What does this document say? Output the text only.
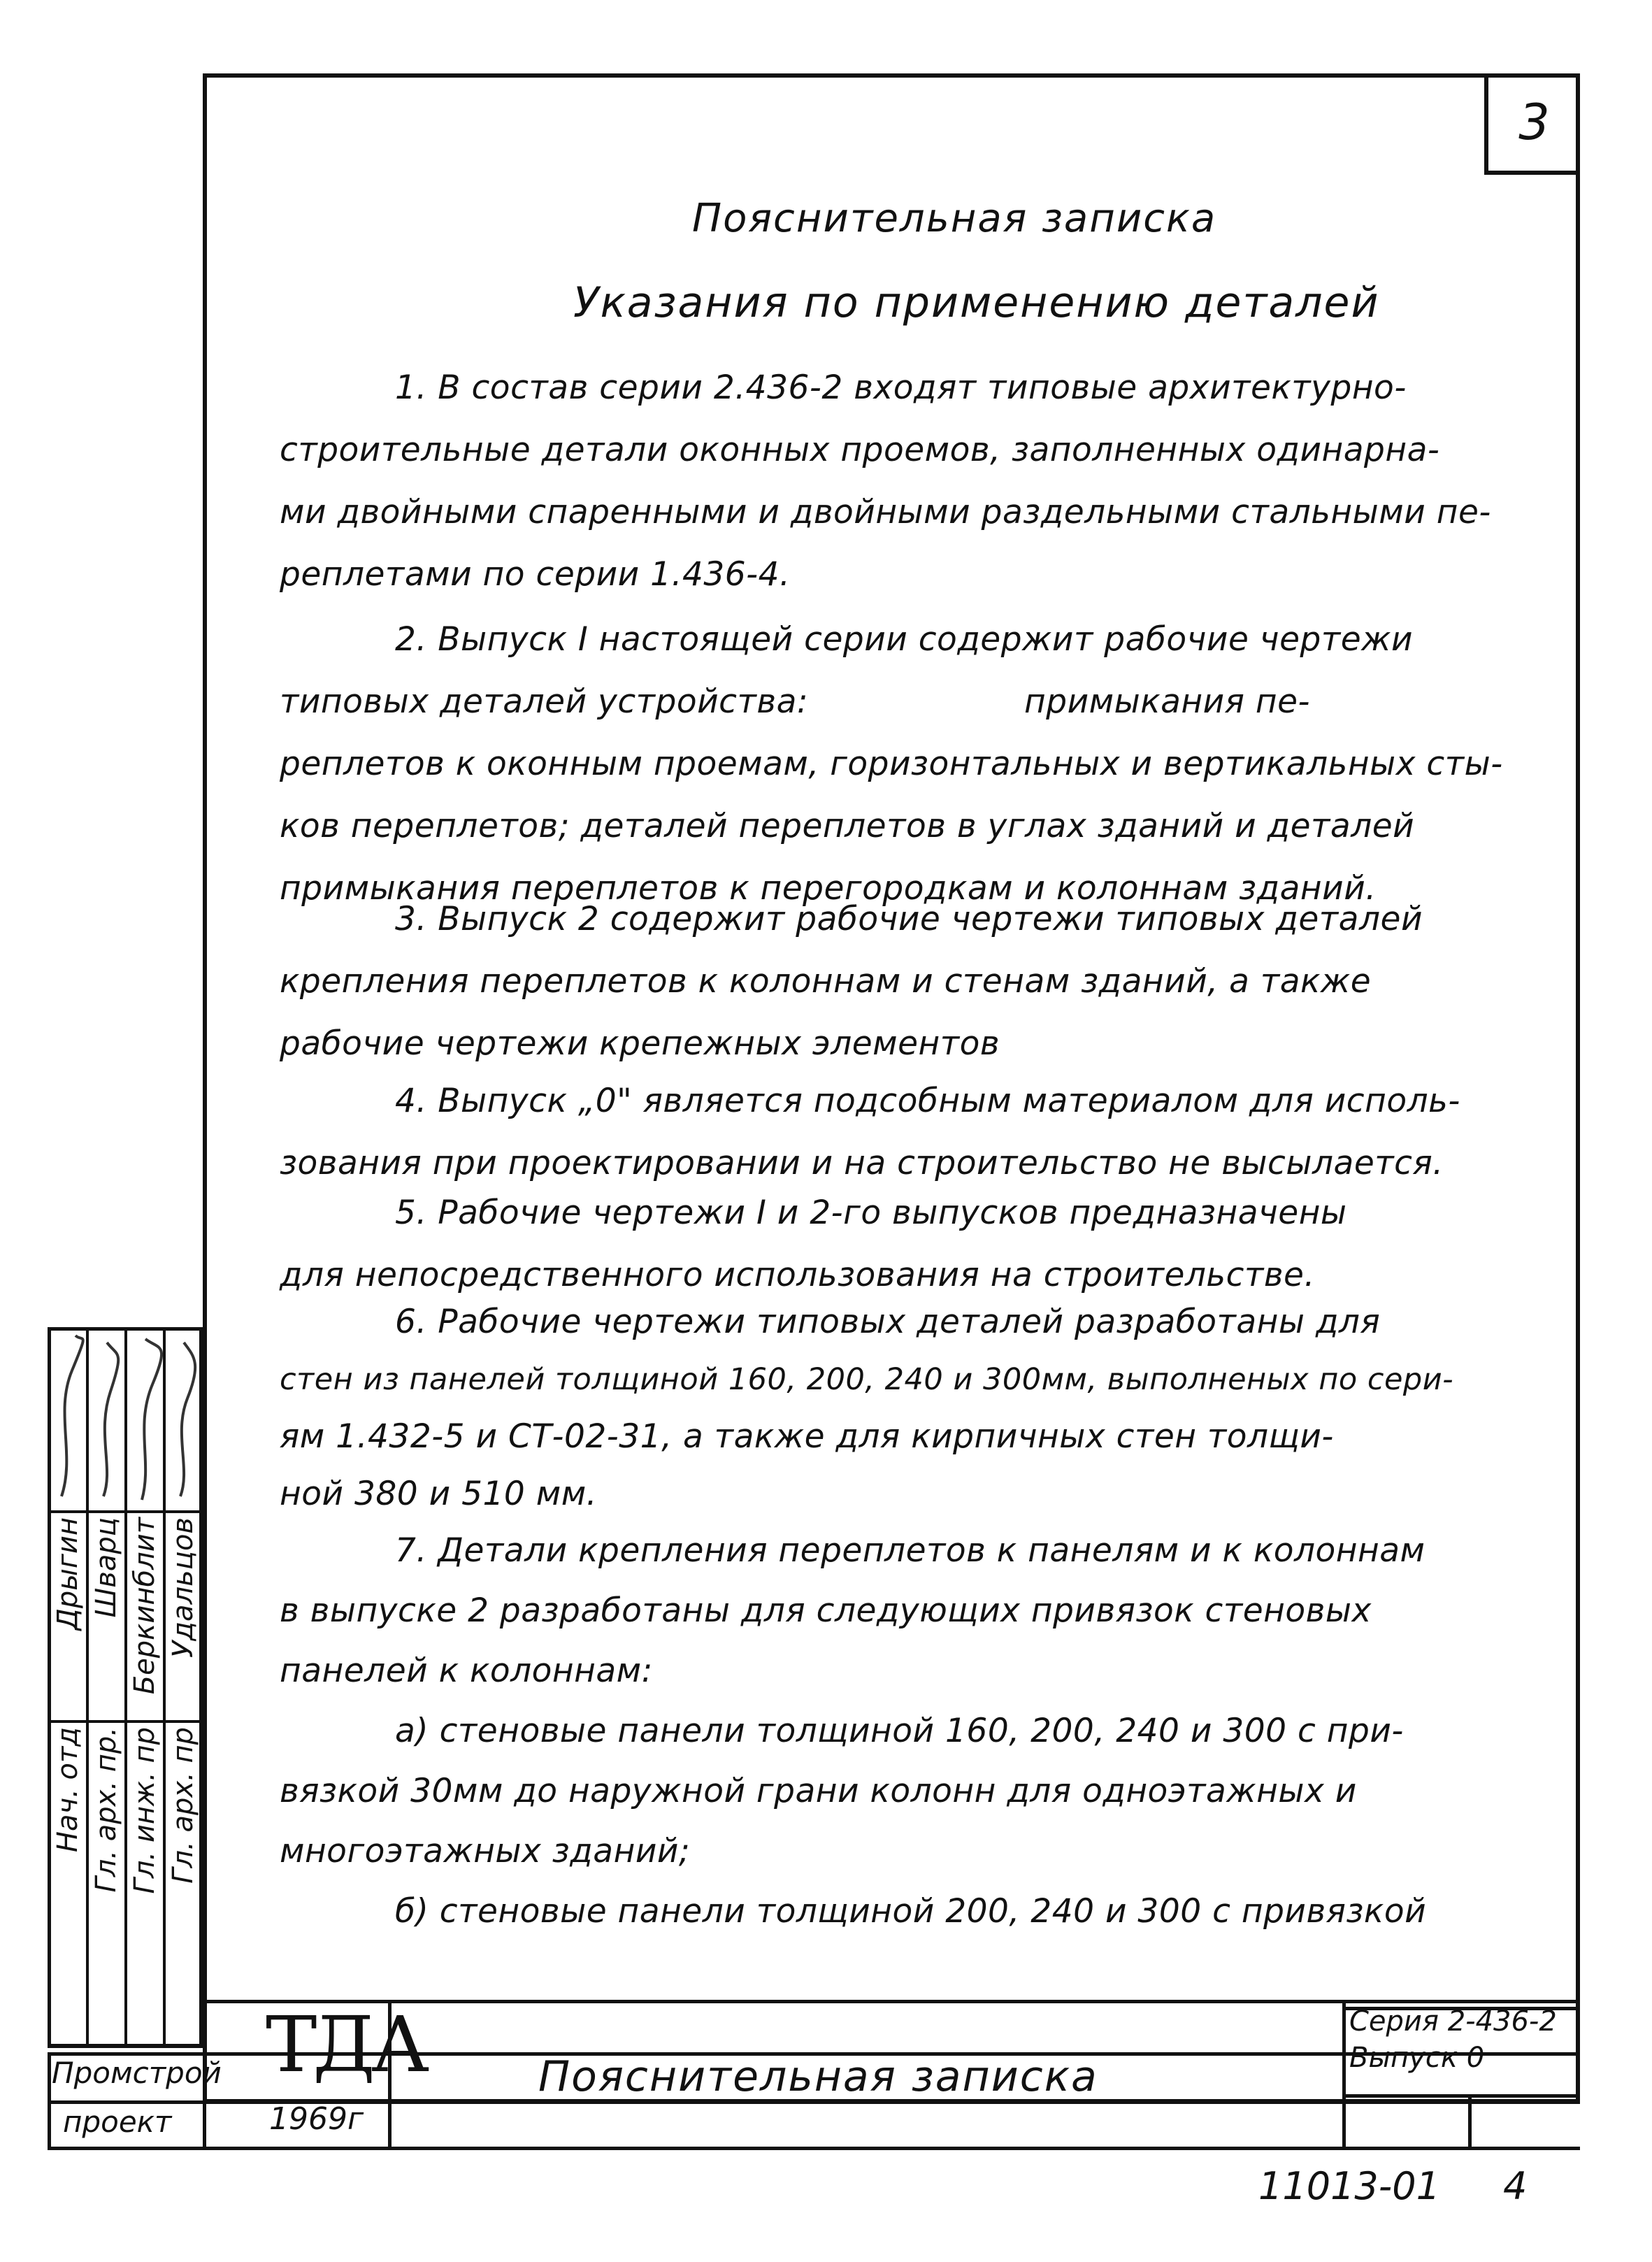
3
Пояснительная записка
Указания по применению деталей
1. В состав серии 2.436-2 входят типовые архитектурно-
строительные детали оконных проемов, заполненных одинарна-
ми двойными спаренными и двойными раздельными стальными пе-
реплетами по серии 1.436-4.
2. Выпуск I настоящей серии содержит рабочие чертежи
типовых деталей устройства:                    примыкания пе-
реплетов к оконным проемам, горизонтальных и вертикальных сты-
ков переплетов; деталей переплетов в углах зданий и деталей
примыкания переплетов к перегородкам и колоннам зданий.
3. Выпуск 2 содержит рабочие чертежи типовых деталей
крепления переплетов к колоннам и стенам зданий, а также
рабочие чертежи крепежных элементов
4. Выпуск „0" является подсобным материалом для исполь-
зования при проектировании и на строительство не высылается.
5. Рабочие чертежи I и 2-го выпусков предназначены
для непосредственного использования на строительстве.
6. Рабочие чертежи типовых деталей разработаны для
стен из панелей толщиной 160, 200, 240 и 300мм, выполненых по сери-
ям 1.432-5 и СТ-02-31, а также для кирпичных стен толщи-
ной 380 и 510 мм.
7. Детали крепления переплетов к панелям и к колоннам
в выпуске 2 разработаны для следующих привязок стеновых
панелей к колоннам:
а) стеновые панели толщиной 160, 200, 240 и 300 с при-
вязкой 30мм до наружной грани колонн для одноэтажных и
многоэтажных зданий;
б) стеновые панели толщиной 200, 240 и 300 с привязкой
Нач. отд Гл. арх. пр. Гл. инж. пр Гл. арх. пр
Дрыгин Шварц Беркинблит Удальцов
Промстрой
проект
ТДА
1969г
Пояснительная записка
Серия 2-436-2
Выпуск 0
11013-01 4
